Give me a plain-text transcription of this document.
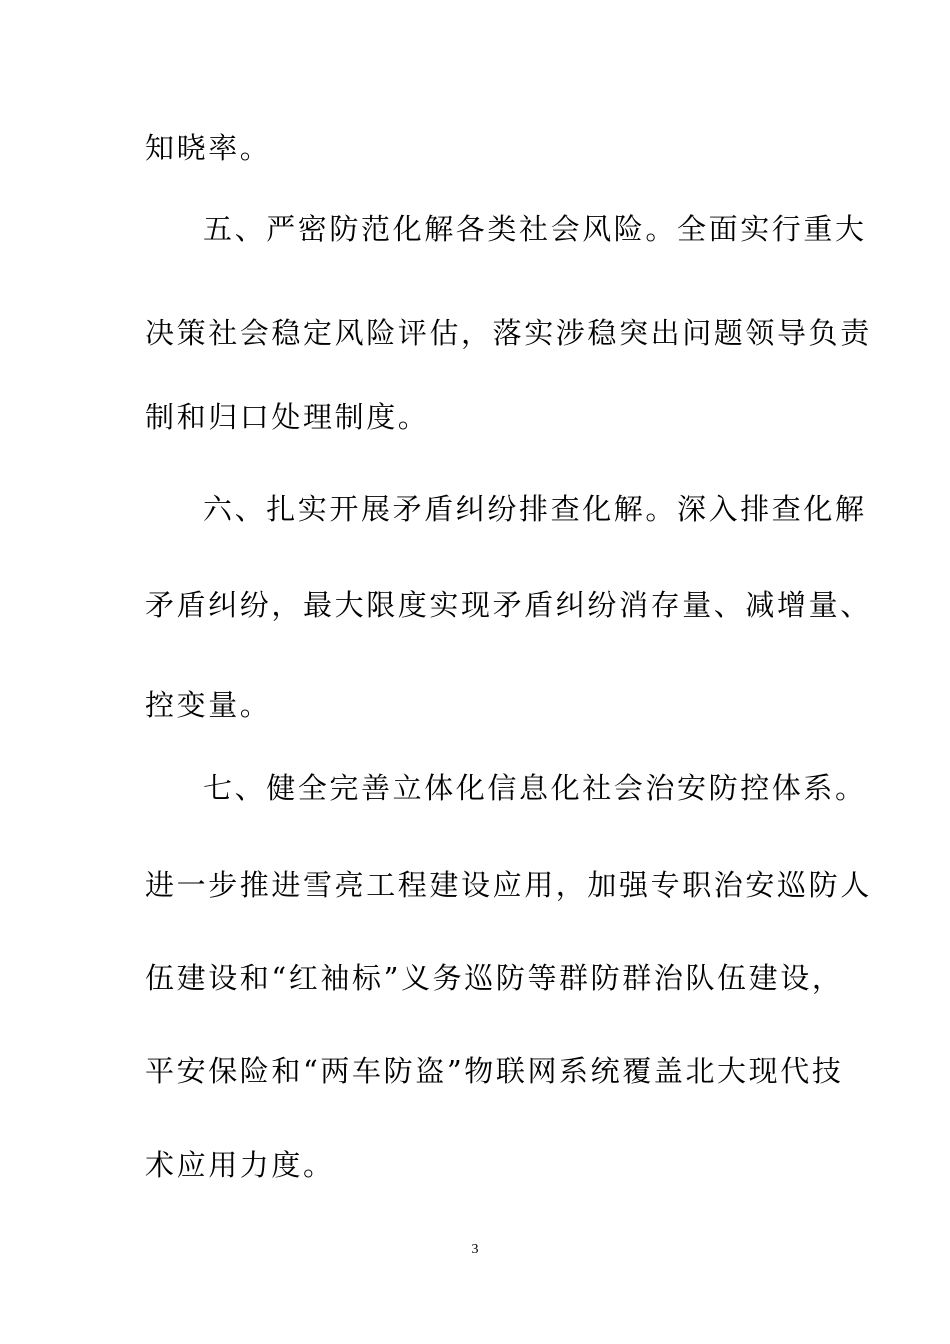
知晓率。
五、严密防范化解各类社会风险。全面实行重大
决策社会稳定风险评估，落实涉稳突出问题领导负责
制和归口处理制度。
六、扎实开展矛盾纠纷排查化解。深入排查化解
矛盾纠纷，最大限度实现矛盾纠纷消存量、减增量、
控变量。
七、健全完善立体化信息化社会治安防控体系。
进一步推进雪亮工程建设应用，加强专职治安巡防人
伍建设和“红袖标”义务巡防等群防群治队伍建设，
平安保险和“两车防盗”物联网系统覆盖北大现代技
术应用力度。
3
